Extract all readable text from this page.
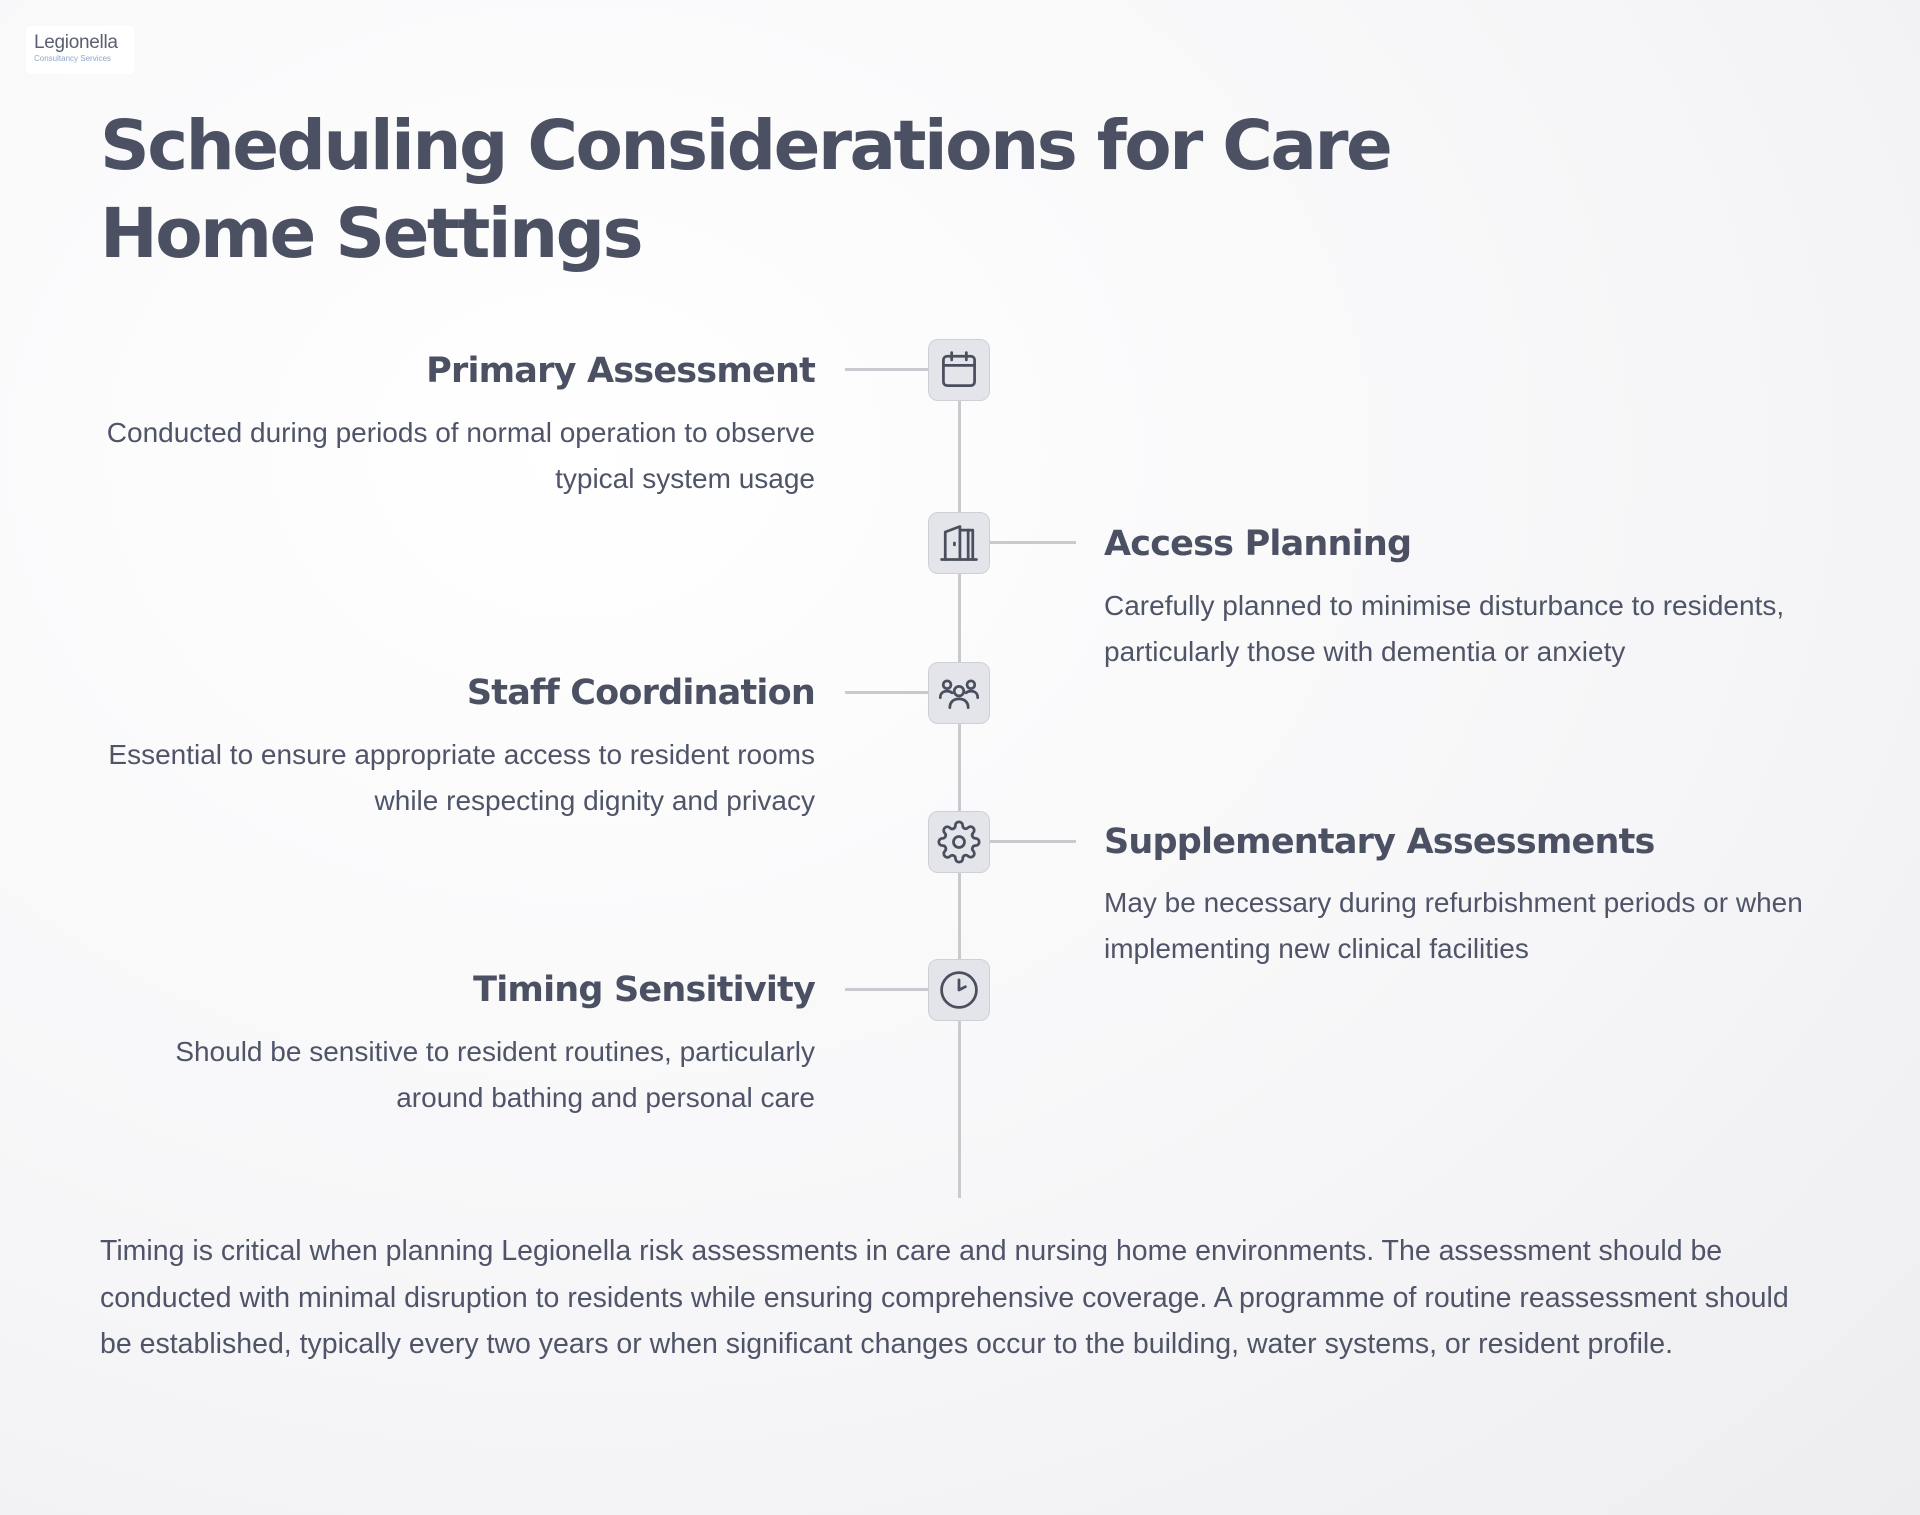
Legionella
Consultancy Services
Scheduling Considerations for Care Home Settings
Primary Assessment

Conducted during periods of normal operation to observe typical system usage

Access Planning

Carefully planned to minimise disturbance to residents, particularly those with dementia or anxiety

Staff Coordination

Essential to ensure appropriate access to resident rooms while respecting dignity and privacy

Supplementary Assessments

May be necessary during refurbishment periods or when implementing new clinical facilities

Timing Sensitivity

Should be sensitive to resident routines, particularly around bathing and personal care

Timing is critical when planning Legionella risk assessments in care and nursing home environments. The assessment should be conducted with minimal disruption to residents while ensuring comprehensive coverage. A programme of routine reassessment should be established, typically every two years or when significant changes occur to the building, water systems, or resident profile.
